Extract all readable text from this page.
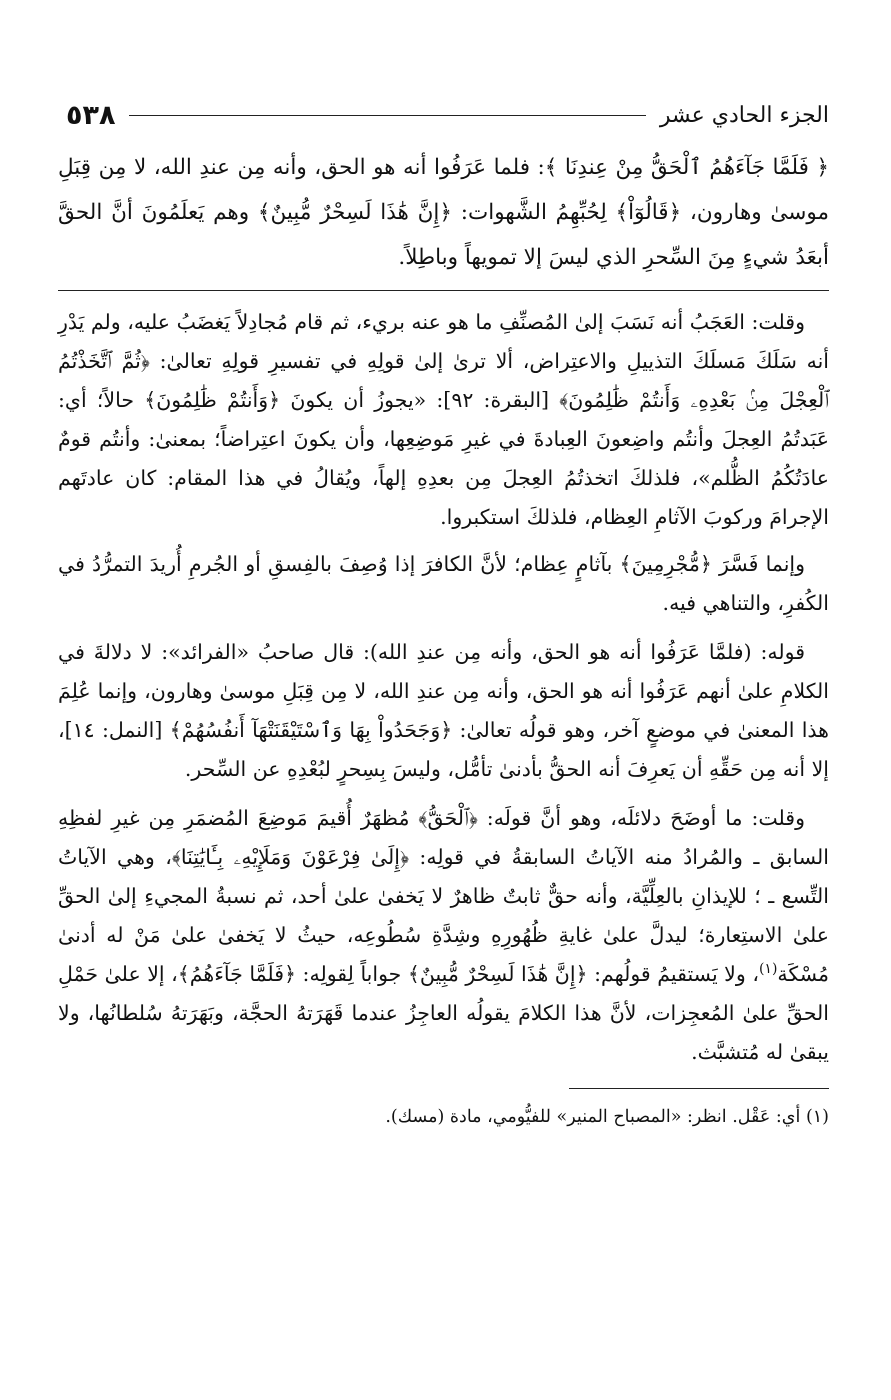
٥٣٨	الجزء الحادي عشر
﴿ فَلَمَّا جَآءَهُمُ ٱلْحَقُّ مِنْ عِندِنَا ﴾: فلما عَرَفُوا أنه هو الحق، وأنه مِن عندِ الله، لا مِن قِبَلِ موسىٰ وهارون، ﴿قَالُوٓاْ﴾ لِحُبِّهِمُ الشَّهوات: ﴿إِنَّ هَٰذَا لَسِحْرٌ مُّبِينٌ﴾ وهم يَعلَمُونَ أنَّ الحقَّ أبعَدُ شيءٍ مِنَ السِّحرِ الذي ليسَ إلا تمويهاً وباطِلاً.

وقلت: العَجَبُ أنه نَسَبَ إلىٰ المُصنِّفِ ما هو عنه بريء، ثم قام مُجادِلاً يَغضَبُ عليه، ولم يَدْرِ أنه سَلَكَ مَسلَكَ التذييلِ والاعتِراض، ألا ترىٰ إلىٰ قولِهِ في تفسيرِ قولِهِ تعالىٰ: ﴿ثُمَّ ٱتَّخَذْتُمُ ٱلْعِجْلَ مِنۢ بَعْدِهِۦ وَأَنتُمْ ظَٰلِمُونَ﴾ [البقرة: ٩٢]: «يجوزُ أن يكونَ ﴿وَأَنتُمْ ظَٰلِمُونَ﴾ حالاً؛ أي: عَبَدتُمُ العِجلَ وأنتُم واضِعونَ العِبادةَ في غيرِ مَوضِعِها، وأن يكونَ اعتِراضاً؛ بمعنىٰ: وأنتُم قومٌ عادَتُكُمُ الظُّلم»، فلذلكَ اتخذتُمُ العِجلَ مِن بعدِهِ إلهاً، ويُقالُ في هذا المقام: كان عادتَهم الإجرامَ وركوبَ الآثامِ العِظام، فلذلكَ استكبروا.

وإنما فَسَّرَ ﴿مُّجْرِمِينَ﴾ بآثامٍ عِظام؛ لأنَّ الكافرَ إذا وُصِفَ بالفِسقِ أو الجُرمِ أُريدَ التمرُّدُ في الكُفرِ، والتناهي فيه.

قوله: (فلمَّا عَرَفُوا أنه هو الحق، وأنه مِن عندِ الله): قال صاحبُ «الفرائد»: لا دلالةَ في الكلامِ علىٰ أنهم عَرَفُوا أنه هو الحق، وأنه مِن عندِ الله، لا مِن قِبَلِ موسىٰ وهارون، وإنما عُلِمَ هذا المعنىٰ في موضعٍ آخر، وهو قولُه تعالىٰ: ﴿وَجَحَدُواْ بِهَا وَٱسْتَيْقَنَتْهَآ أَنفُسُهُمْ﴾ [النمل: ١٤]، إلا أنه مِن حَقِّهِ أن يَعرِفَ أنه الحقُّ بأدنىٰ تأمُّل، وليسَ بِسِحرٍ لبُعْدِهِ عن السِّحر.

وقلت: ما أوضَحَ دلائلَه، وهو أنَّ قولَه: ﴿ٱلْحَقُّ﴾ مُظهَرٌ أُقيمَ مَوضِعَ المُضمَرِ مِن غيرِ لفظِهِ السابق ـ والمُرادُ منه الآياتُ السابقةُ في قولِه: ﴿إِلَىٰ فِرْعَوْنَ وَمَلَإِيْهِۦ بِـَٔايَٰتِنَا﴾، وهي الآياتُ التِّسع ـ ؛ للإيذانِ بالعِلِّيَّة، وأنه حقٌّ ثابتٌ ظاهرٌ لا يَخفىٰ علىٰ أحد، ثم نسبةُ المجيءِ إلىٰ الحقِّ علىٰ الاستِعارة؛ ليدلَّ علىٰ غايةِ ظُهُورِهِ وشِدَّةِ سُطُوعِه، حيثُ لا يَخفىٰ علىٰ مَنْ له أدنىٰ مُسْكَة$^{(١)}$، ولا يَستقيمُ قولُهم: ﴿إِنَّ هَٰذَا لَسِحْرٌ مُّبِينٌ﴾ جواباً لِقولِه: ﴿فَلَمَّا جَآءَهُمُ﴾، إلا علىٰ حَمْلِ الحقِّ علىٰ المُعجِزات، لأنَّ هذا الكلامَ يقولُه العاجِزُ عندما قَهَرَتهُ الحجَّة، وبَهَرَتهُ سُلطانُها، ولا يبقىٰ له مُتشبَّث.

(١) أي: عَقْل. انظر: «المصباح المنير» للفيُّومي، مادة (مسك).
